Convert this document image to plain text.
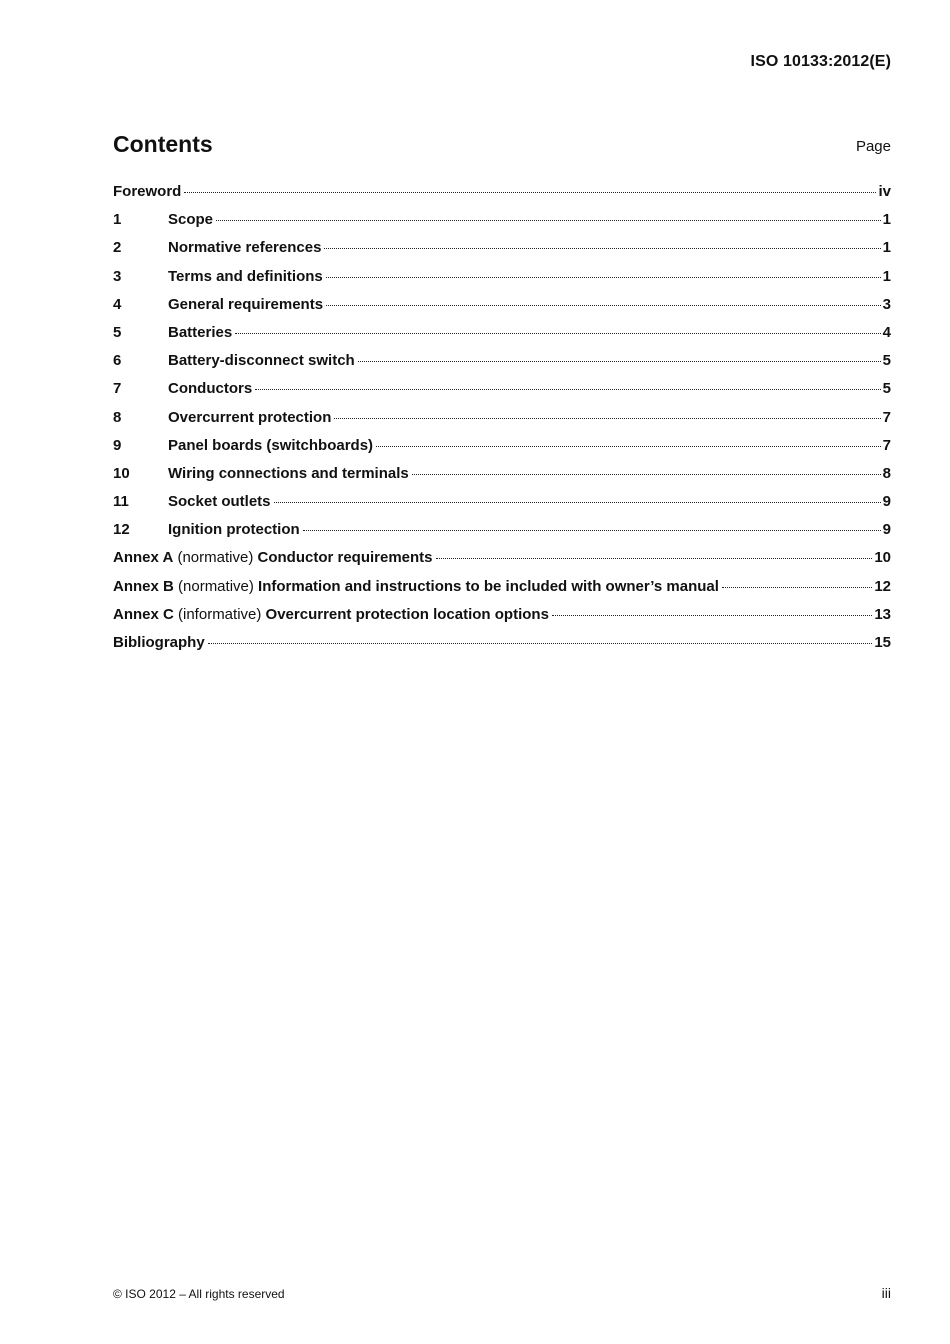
ISO 10133:2012(E)
Contents	Page
Foreword	iv
1	Scope	1
2	Normative references	1
3	Terms and definitions	1
4	General requirements	3
5	Batteries	4
6	Battery-disconnect switch	5
7	Conductors	5
8	Overcurrent protection	7
9	Panel boards (switchboards)	7
10	Wiring connections and terminals	8
11	Socket outlets	9
12	Ignition protection	9
Annex A (normative) Conductor requirements	10
Annex B (normative) Information and instructions to be included with owner’s manual	12
Annex C (informative) Overcurrent protection location options	13
Bibliography	15
© ISO 2012 – All rights reserved	iii
